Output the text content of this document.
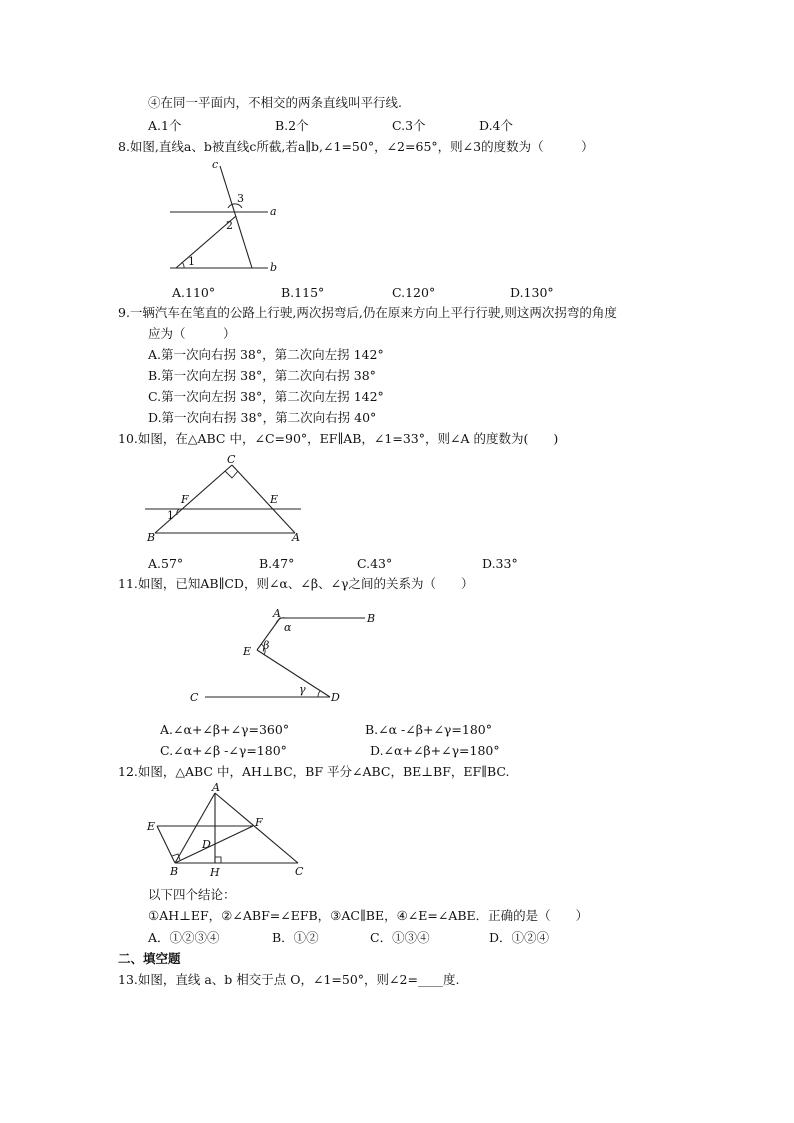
④在同一平面内，不相交的两条直线叫平行线.
A.1个	B.2个	C.3个	D.4个
8.如图,直线a、b被直线c所截,若a∥b,∠1=50°，∠2=65°，则∠3的度数为（　　　）
c
a
b
3
2
1
A.110°	B.115°	C.120°	D.130°
9.一辆汽车在笔直的公路上行驶,两次拐弯后,仍在原来方向上平行行驶,则这两次拐弯的角度
应为（　　　）
A.第一次向右拐 38°，第二次向左拐 142°
B.第一次向左拐 38°，第二次向右拐 38°
C.第一次向左拐 38°，第二次向左拐 142°
D.第一次向右拐 38°，第二次向右拐 40°
10.如图，在△ABC 中，∠C=90°，EF∥AB，∠1=33°，则∠A 的度数为(　　)
C
F	E
B	A
1
A.57°	B.47°	C.43°	D.33°
11.如图，已知AB∥CD，则∠α、∠β、∠γ之间的关系为（　　）
A	B
E
C	D
α
β
γ
A.∠α+∠β+∠γ=360°	B.∠α -∠β+∠γ=180°
C.∠α+∠β -∠γ=180°	D.∠α+∠β+∠γ=180°
12.如图，△ABC 中，AH⊥BC，BF 平分∠ABC，BE⊥BF，EF∥BC.
A
E	F
D
B	H	C
以下四个结论：
①AH⊥EF，②∠ABF=∠EFB，③AC∥BE，④∠E=∠ABE．正确的是（　　）
A．①②③④	B．①②	C．①③④	D．①②④
二、填空题
13.如图，直线 a、b 相交于点 O，∠1=50°，则∠2=____度.
